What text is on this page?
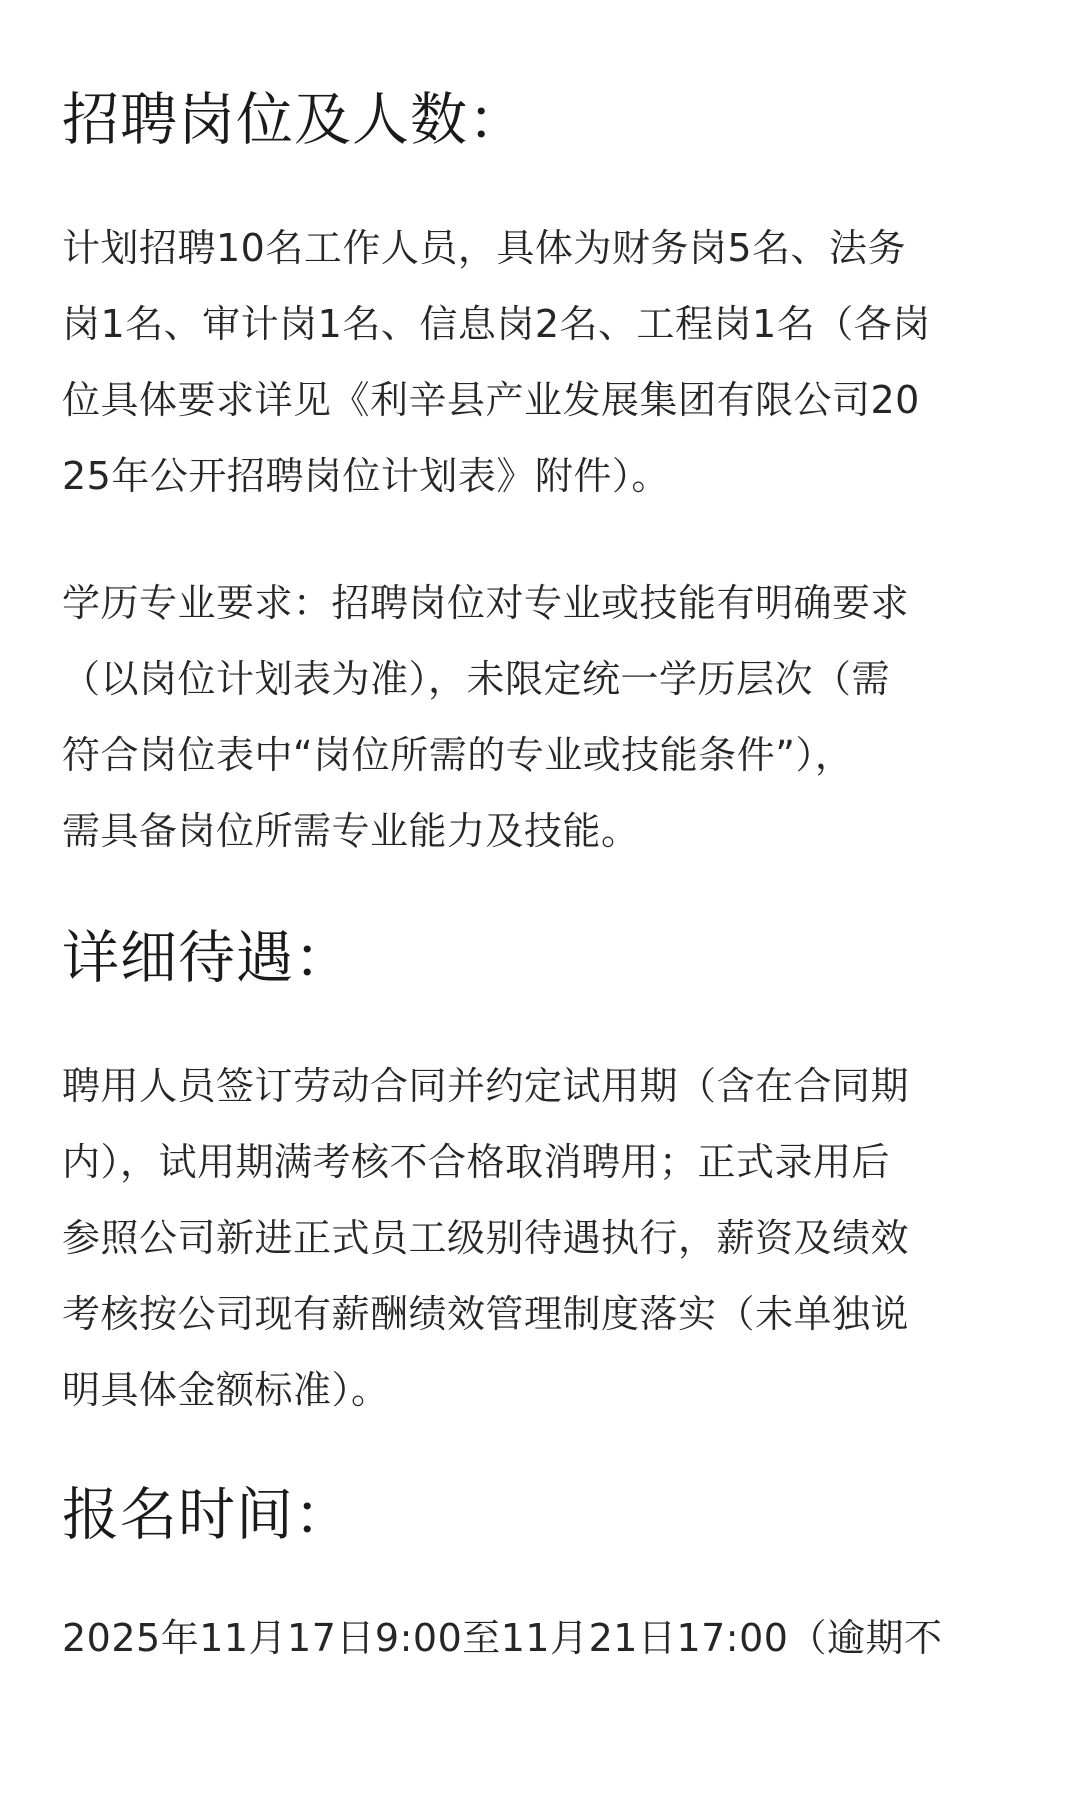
招聘岗位及人数：

计划招聘10名工作人员，具体为财务岗5名、法务
岗1名、审计岗1名、信息岗2名、工程岗1名（各岗
位具体要求详见《利辛县产业发展集团有限公司20
25年公开招聘岗位计划表》附件）。

学历专业要求：招聘岗位对专业或技能有明确要求
（以岗位计划表为准），未限定统一学历层次（需
符合岗位表中“岗位所需的专业或技能条件”），
需具备岗位所需专业能力及技能。

详细待遇：

聘用人员签订劳动合同并约定试用期（含在合同期
内），试用期满考核不合格取消聘用；正式录用后
参照公司新进正式员工级别待遇执行，薪资及绩效
考核按公司现有薪酬绩效管理制度落实（未单独说
明具体金额标准）。

报名时间：

2025年11月17日9:00至11月21日17:00（逾期不
